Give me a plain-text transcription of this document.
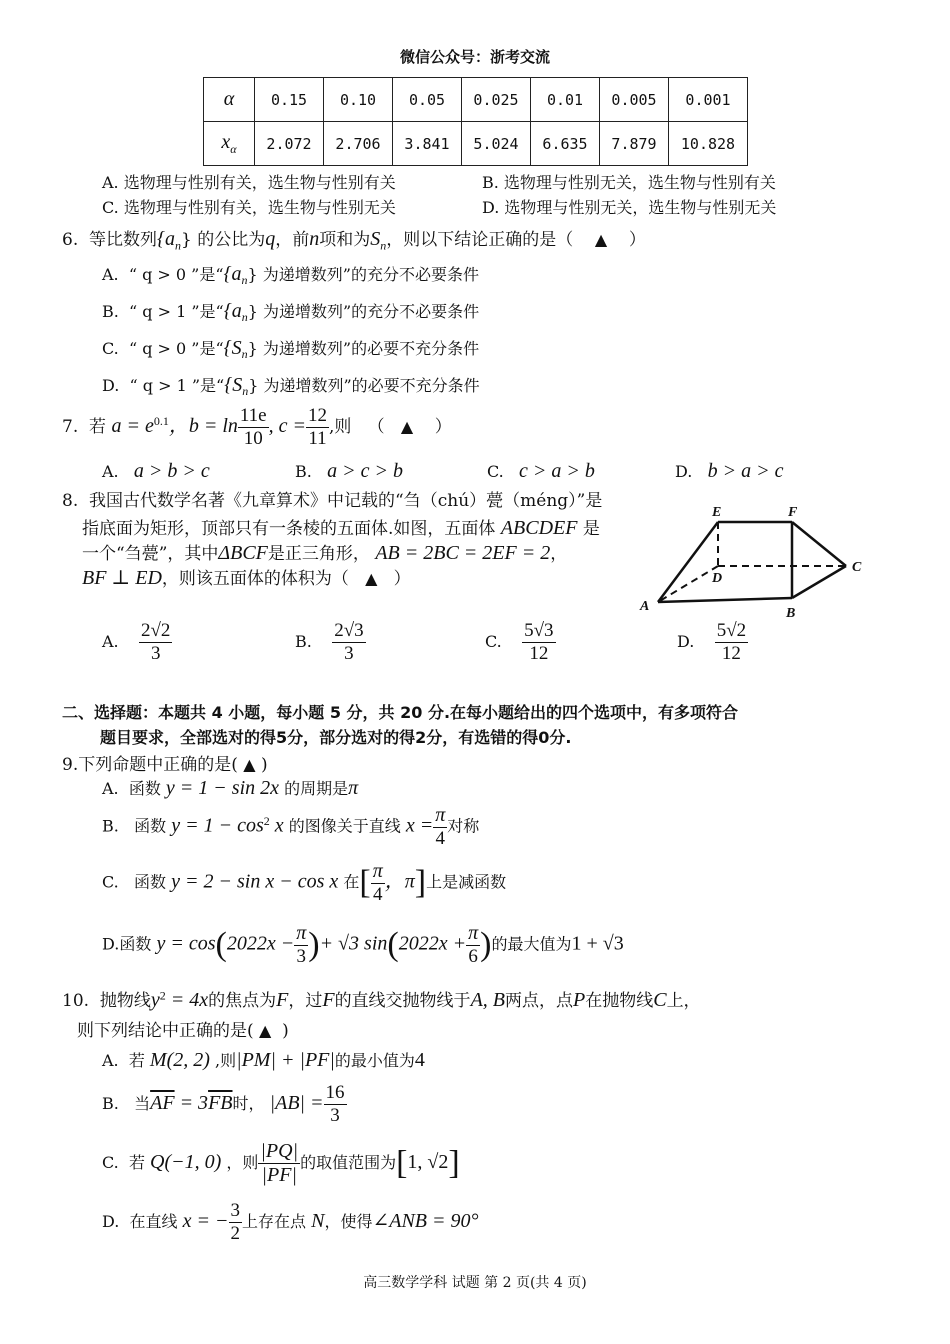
微信公众号：浙考交流
α	0.15	0.10	0.05	0.025	0.01	0.005	0.001
$x_\alpha$	2.072	2.706	3.841	5.024	6.635	7.879	10.828
A. 选物理与性别有关，选生物与性别有关	B. 选物理与性别无关，选生物与性别有关
C. 选物理与性别有关，选生物与性别无关	D. 选物理与性别无关，选生物与性别无关
6. 等比数列$\{a_n\}$ 的公比为q，前n项和为$S_n$，则以下结论正确的是（ ▲ ）
A. “ q > 0 ”是“$\{a_n\}$ 为递增数列”的充分不必要条件
B. “ q > 1 ”是“$\{a_n\}$ 为递增数列”的充分不必要条件
C. “ q > 0 ”是“$\{S_n\}$ 为递增数列”的必要不充分条件
D. “ q > 1 ”是“$\{S_n\}$ 为递增数列”的必要不充分条件
7. 若 $a = e^{0.1}$，$b = \ln \frac{11e}{10}$ , $c = \frac{12}{11}$ ,则 （ ▲ ）
A. a > b > c	B. a > c > b	C. c > a > b	D. b > a > c
8. 我国古代数学名著《九章算术》中记载的“刍（chú）甍（méng）”是
指底面为矩形，顶部只有一条棱的五面体.如图，五面体 ABCDEF 是
一个“刍甍”，其中ΔBCF是正三角形， AB = 2BC = 2EF = 2，
BF ⊥ ED，则该五面体的体积为（ ▲ ）
E	F
D
C
A	B
A. $\frac{2√2}{3}$	B. $\frac{2√3}{3}$	C. $\frac{5√3}{12}$	D. $\frac{5√2}{12}$
二、选择题：本题共 4 小题，每小题 5 分，共 20 分.在每小题给出的四个选项中，有多项符合
题目要求，全部选对的得5分，部分选对的得2分，有选错的得0分.
9.下列命题中正确的是( ▲ )
A. 函数 y = 1 − sin 2x 的周期是π
B. 函数 $y = 1 - \cos^2 x$ 的图像关于直线 $x = \frac{\pi}{4}$ 对称
C. 函数 y = 2 − sin x − cos x 在[ $\frac{\pi}{4}$ ，π]上是减函数
D.函数 $y = \cos(2022x - \frac{\pi}{3}$ )+ √3 $\sin(2022x + \frac{\pi}{6}$ )的最大值为1 + √3
10. 抛物线$y^2 = 4x$的焦点为F，过F的直线交抛物线于A, B两点，点P在抛物线C上，
则下列结论中正确的是( ▲ )
A. 若 M(2, 2) ,则|PM| + |PF|的最小值为4
B. 当$\overline{AF} = 3\overline{FB}$时， $|AB| = \frac{16}{3}$
C. 若 Q(−1, 0) ，则 $\frac{|PQ|}{|PF|}$ 的取值范围为[1, √2]
D. 在直线 x = − $\frac{3}{2}$ 上存在点 N，使得∠ANB = 90°
高三数学学科 试题 第 2 页(共 4 页)
